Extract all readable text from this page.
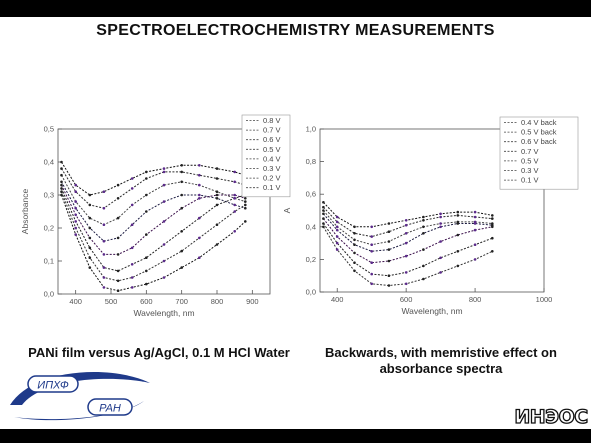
SPECTROELECTROCHEMISTRY MEASUREMENTS
400	500	600	700	800	900
0,0
0,1
0,2
0,3
0,4
0,5
Wavelength, nm
Absorbance
0.8 V
0.7 V
0.6 V
0.5 V
0.4 V
0.3 V
0.2 V
0.1 V
400	600	800	1000
0,0
0,2
0,4
0,6
0,8
1,0
Wavelength, nm
A
0.4 V back
0.5 V back
0.6 V back
0.7 V
0.5 V
0.3 V
0.1 V
PANi film versus Ag/AgCl, 0.1 M HCl Water	Backwards, with memristive effect on absorbance spectra
ИПХФ
РАН	ИНЭОС
